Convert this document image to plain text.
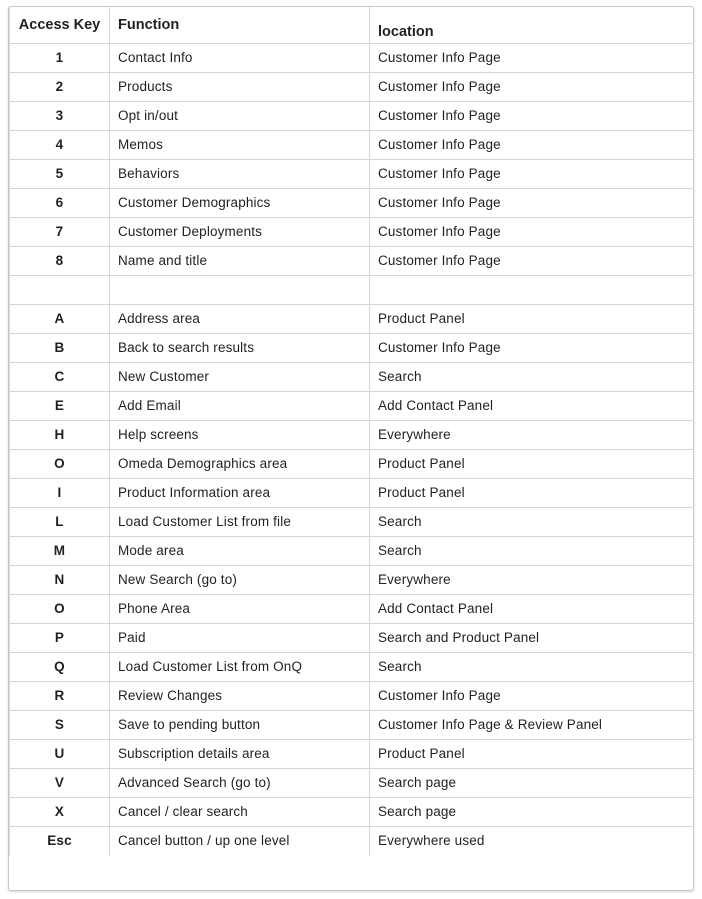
Access Key	Function	location
1	Contact Info	Customer Info Page
2	Products	Customer Info Page
3	Opt in/out	Customer Info Page
4	Memos	Customer Info Page
5	Behaviors	Customer Info Page
6	Customer Demographics	Customer Info Page
7	Customer Deployments	Customer Info Page
8	Name and title	Customer Info Page

A	Address area	Product Panel
B	Back to search results	Customer Info Page
C	New Customer	Search
E	Add Email	Add Contact Panel
H	Help screens	Everywhere
O	Omeda Demographics area	Product Panel
I	Product Information area	Product Panel
L	Load Customer List from file	Search
M	Mode area	Search
N	New Search (go to)	Everywhere
O	Phone Area	Add Contact Panel
P	Paid	Search and Product Panel
Q	Load Customer List from OnQ	Search
R	Review Changes	Customer Info Page
S	Save to pending button	Customer Info Page & Review Panel
U	Subscription details area	Product Panel
V	Advanced Search (go to)	Search page
X	Cancel / clear search	Search page
Esc	Cancel button / up one level	Everywhere used
